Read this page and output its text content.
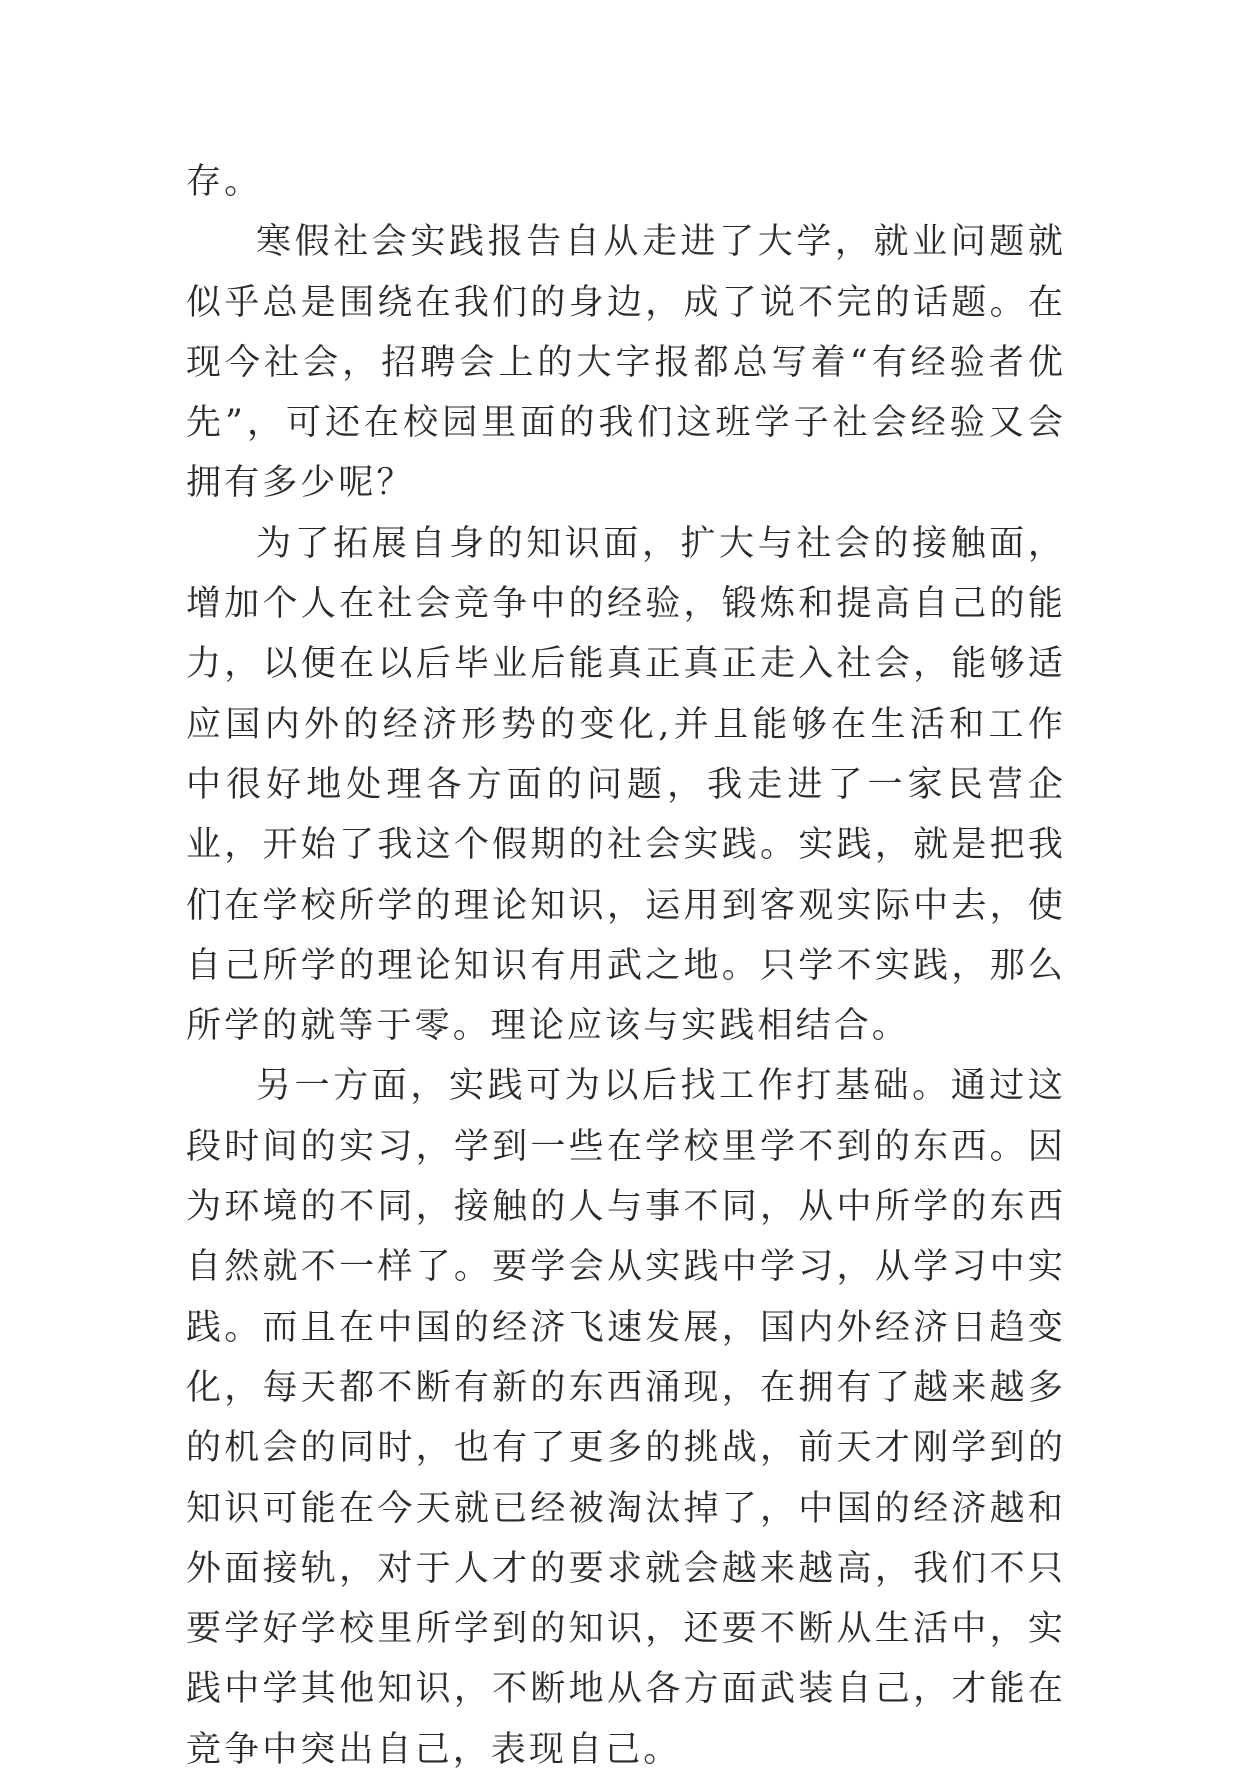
存。

寒假社会实践报告自从走进了大学，就业问题就似乎总是围绕在我们的身边，成了说不完的话题。在现今社会，招聘会上的大字报都总写着“有经验者优先”，可还在校园里面的我们这班学子社会经验又会拥有多少呢？

为了拓展自身的知识面，扩大与社会的接触面，增加个人在社会竞争中的经验，锻炼和提高自己的能力，以便在以后毕业后能真正真正走入社会，能够适应国内外的经济形势的变化,并且能够在生活和工作中很好地处理各方面的问题，我走进了一家民营企业，开始了我这个假期的社会实践。实践，就是把我们在学校所学的理论知识，运用到客观实际中去，使自己所学的理论知识有用武之地。只学不实践，那么所学的就等于零。理论应该与实践相结合。

另一方面，实践可为以后找工作打基础。通过这段时间的实习，学到一些在学校里学不到的东西。因为环境的不同，接触的人与事不同，从中所学的东西自然就不一样了。要学会从实践中学习，从学习中实践。而且在中国的经济飞速发展，国内外经济日趋变化，每天都不断有新的东西涌现，在拥有了越来越多的机会的同时，也有了更多的挑战，前天才刚学到的知识可能在今天就已经被淘汰掉了，中国的经济越和外面接轨，对于人才的要求就会越来越高，我们不只要学好学校里所学到的知识，还要不断从生活中，实践中学其他知识，不断地从各方面武装自己，才能在竞争中突出自己，表现自己。
